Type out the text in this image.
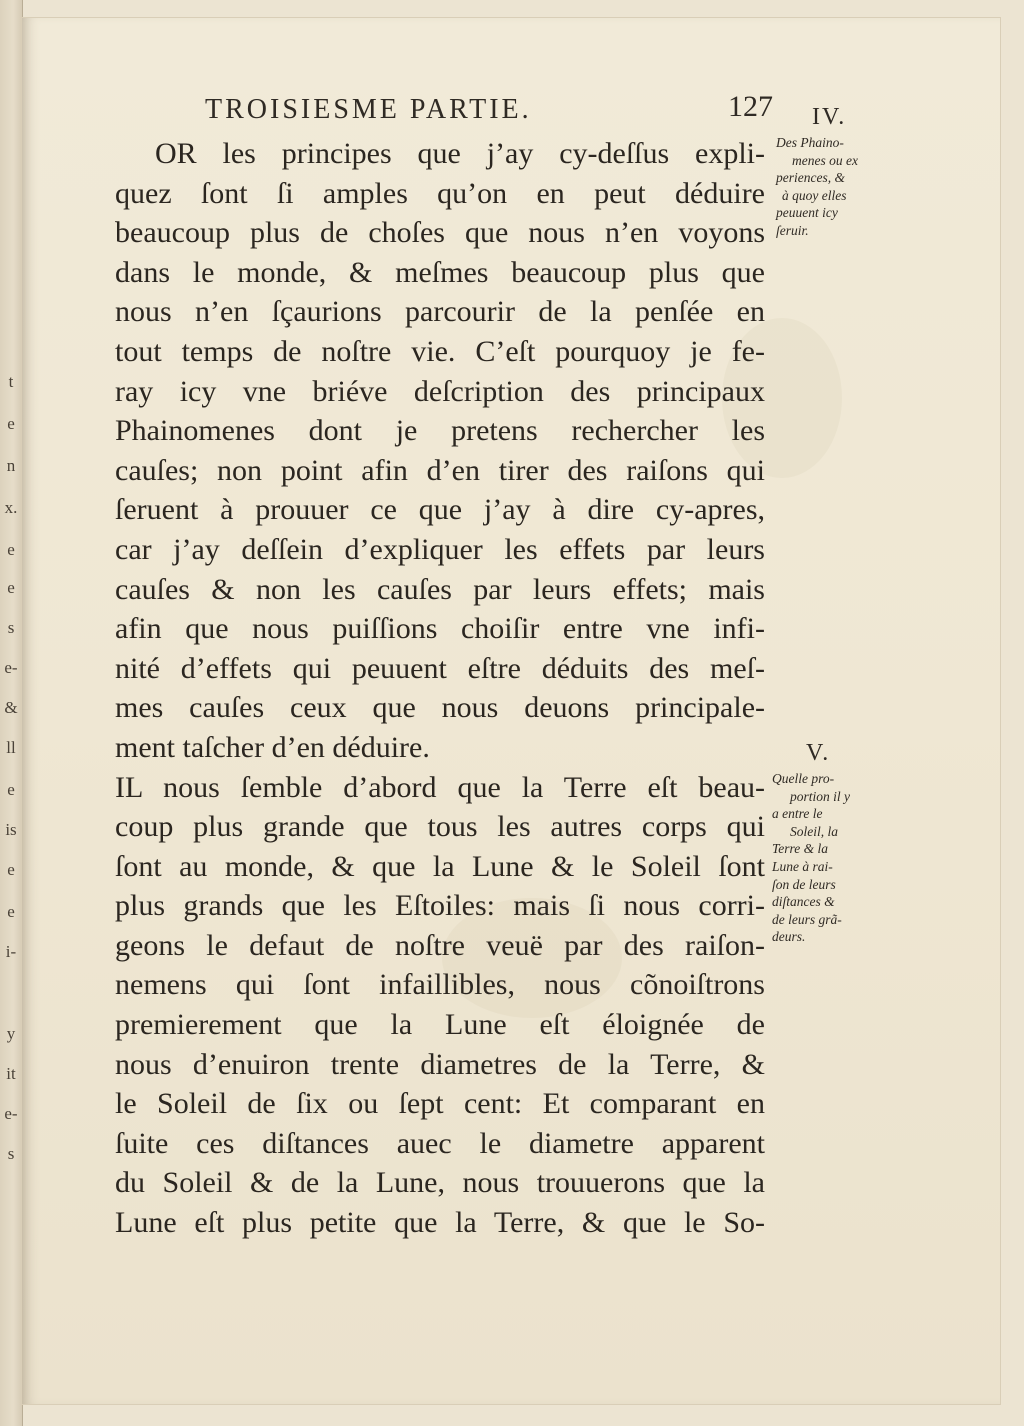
t
e
n
x.
e
e
s
e-
&
ll
e
is
e
e
i-
y
it
e-
s
TROISIESME PARTIE.	127
OR les principes que j’ay cy-deſſus expli-
quez ſont ſi amples qu’on en peut déduire
beaucoup plus de choſes que nous n’en voyons
dans le monde, & meſmes beaucoup plus que
nous n’en ſçaurions parcourir de la penſée en
tout temps de noſtre vie. C’eſt pourquoy je fe-
ray icy vne briéve deſcription des principaux
Phainomenes dont je pretens rechercher les
cauſes; non point afin d’en tirer des raiſons qui
ſeruent à prouuer ce que j’ay à dire cy-apres,
car j’ay deſſein d’expliquer les effets par leurs
cauſes & non les cauſes par leurs effets; mais
afin que nous puiſſions choiſir entre vne infi-
nité d’effets qui peuuent eſtre déduits des meſ-
mes cauſes ceux que nous deuons principale-
ment taſcher d’en déduire.
IL nous ſemble d’abord que la Terre eſt beau-
coup plus grande que tous les autres corps qui
ſont au monde, & que la Lune & le Soleil ſont
plus grands que les Eſtoiles: mais ſi nous corri-
geons le defaut de noſtre veuë par des raiſon-
nemens qui ſont infaillibles, nous cõnoiſtrons
premierement que la Lune eſt éloignée de
nous d’enuiron trente diametres de la Terre, &
le Soleil de ſix ou ſept cent: Et comparant en
ſuite ces diſtances auec le diametre apparent
du Soleil & de la Lune, nous trouuerons que la
Lune eſt plus petite que la Terre, & que le So-
IV.
Des Phaino-
menes ou ex
periences, &
à quoy elles
peuuent icy
ſeruir.
V.
Quelle pro-
portion il y
a entre le
Soleil, la
Terre & la
Lune à rai-
ſon de leurs
diſtances &
de leurs grã-
deurs.
